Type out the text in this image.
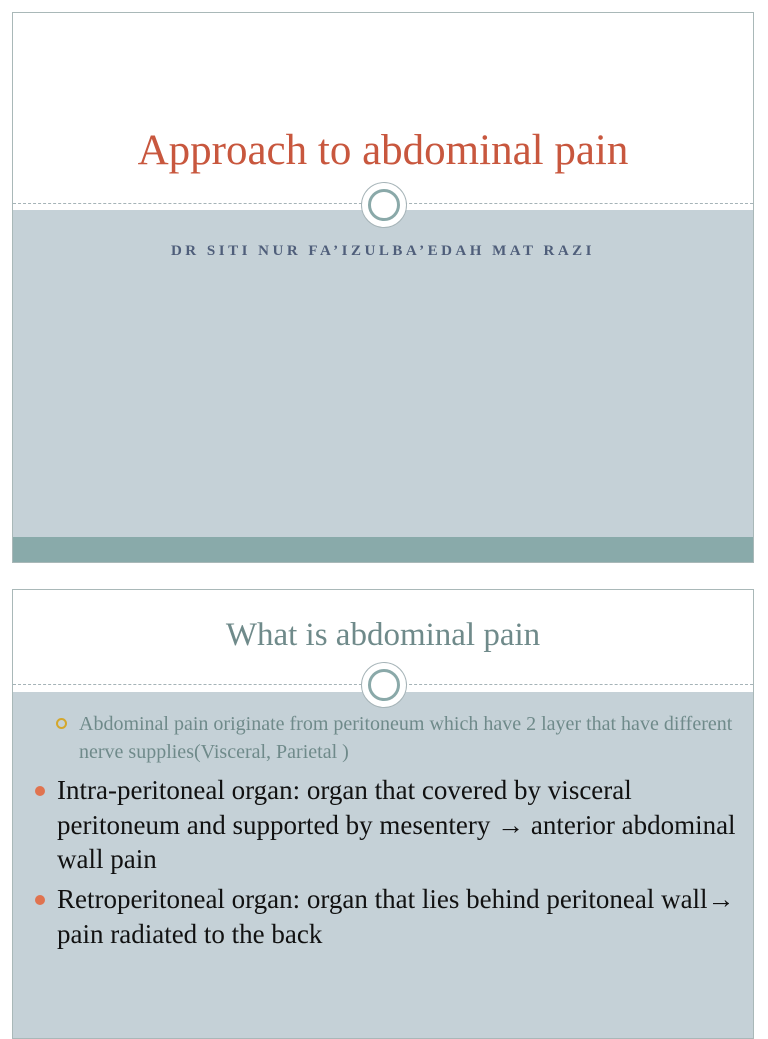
Approach to abdominal pain

DR SITI NUR FA’IZULBA’EDAH MAT RAZI

What is abdominal pain
Abdominal pain originate from peritoneum which have 2 layer that have different nerve supplies(Visceral, Parietal )
Intra-peritoneal organ: organ that covered by visceral peritoneum and supported by mesentery → anterior abdominal wall pain
Retroperitoneal organ: organ that lies behind peritoneal wall→ pain radiated to the back
